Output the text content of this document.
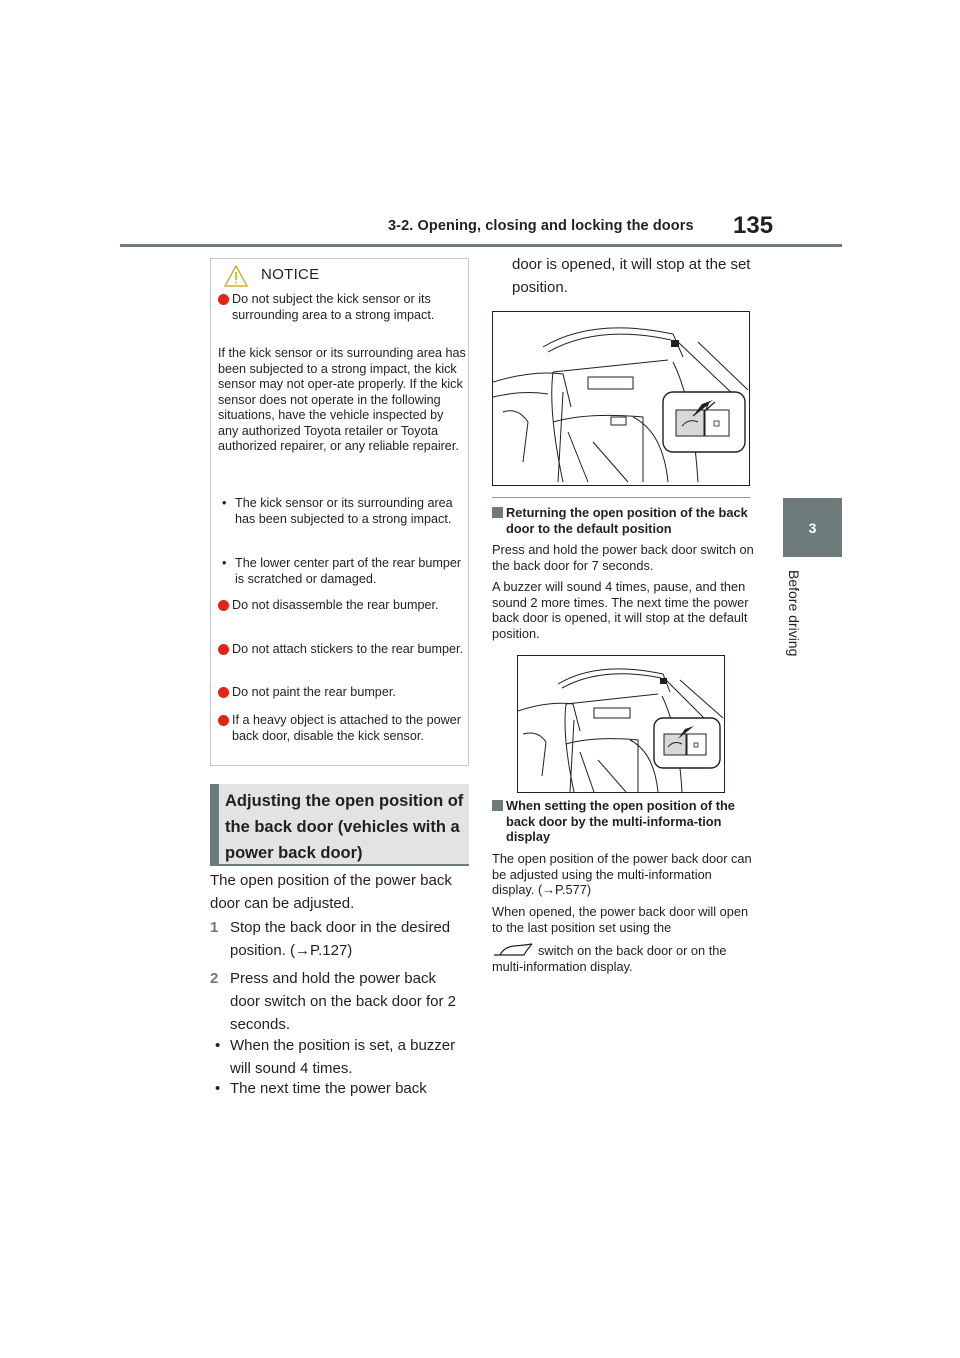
3-2. Opening, closing and locking the doors 135
3
Before driving
NOTICE
Do not subject the kick sensor or its surrounding area to a strong impact.
If the kick sensor or its surrounding area has been subjected to a strong impact, the kick sensor may not oper-ate properly. If the kick sensor does not operate in the following situations, have the vehicle inspected by any authorized Toyota retailer or Toyota authorized repairer, or any reliable repairer.
• The kick sensor or its surrounding area has been subjected to a strong impact.
• The lower center part of the rear bumper is scratched or damaged.
Do not disassemble the rear bumper.
Do not attach stickers to the rear bumper.
Do not paint the rear bumper.
If a heavy object is attached to the power back door, disable the kick sensor.
Adjusting the open position of the back door (vehicles with a power back door)
The open position of the power back door can be adjusted.
1 Stop the back door in the desired position. (→P.127)
2 Press and hold the power back door switch on the back door for 2 seconds.
• When the position is set, a buzzer will sound 4 times.
• The next time the power back
door is opened, it will stop at the set position.
Returning the open position of the back door to the default position
Press and hold the power back door switch on the back door for 7 seconds.
A buzzer will sound 4 times, pause, and then sound 2 more times. The next time the power back door is opened, it will stop at the default position.
When setting the open position of the back door by the multi-informa-tion display
The open position of the power back door can be adjusted using the multi-information display. (→P.577)
When opened, the power back door will open to the last position set using the
switch on the back door or on the multi-information display.
